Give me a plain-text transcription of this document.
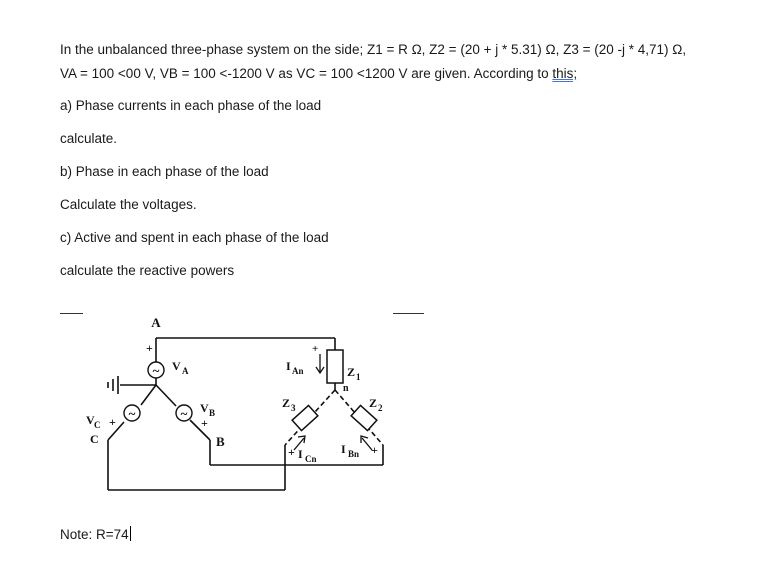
In the unbalanced three-phase system on the side; Z1 = R Ω, Z2 = (20 + j * 5.31) Ω, Z3 = (20 -j * 4,71) Ω,
VA = 100 <00 V, VB = 100 <-1200 V as VC = 100 <1200 V are given. According to this;
a) Phase currents in each phase of the load
calculate.
b) Phase in each phase of the load
Calculate the voltages.
c) Active and spent in each phase of the load
calculate the reactive powers
~
~
~
A
B
C
+
V A
V B
+
V C +
I An
+
Z 1
n
Z 3	Z 2
+ I Cn
I Bn +
Note: R=74
